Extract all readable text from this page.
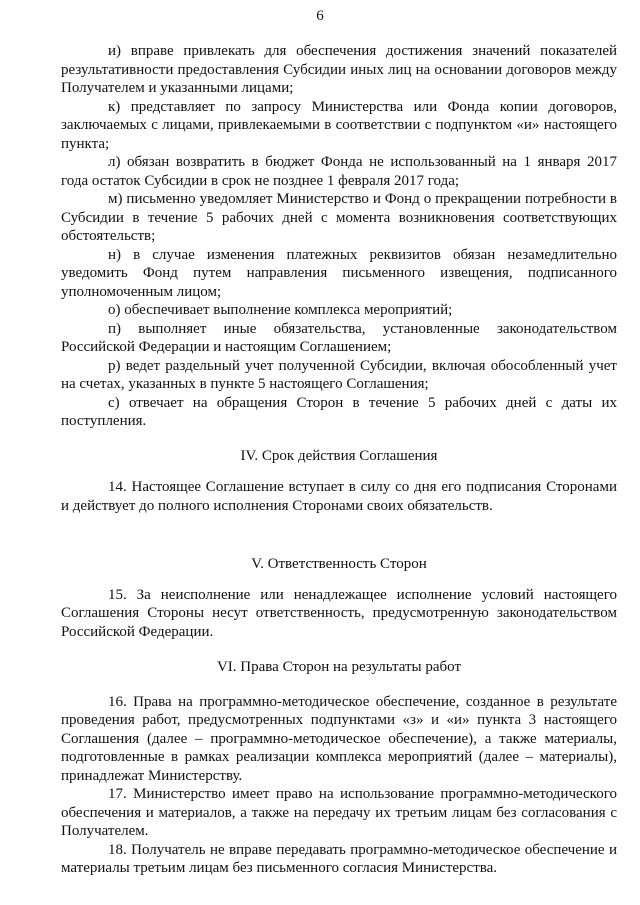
6

и) вправе привлекать для обеспечения достижения значений показателей результативности предоставления Субсидии иных лиц на основании договоров между Получателем и указанными лицами;

к) представляет по запросу Министерства или Фонда копии договоров, заключаемых с лицами, привлекаемыми в соответствии с подпунктом «и» настоящего пункта;

л) обязан возвратить в бюджет Фонда не использованный на 1 января 2017 года остаток Субсидии в срок не позднее 1 февраля 2017 года;

м) письменно уведомляет Министерство и Фонд о прекращении потребности в Субсидии в течение 5 рабочих дней с момента возникновения соответствующих обстоятельств;

н) в случае изменения платежных реквизитов обязан незамедлительно уведомить Фонд путем направления письменного извещения, подписанного уполномоченным лицом;

о) обеспечивает выполнение комплекса мероприятий;

п) выполняет иные обязательства, установленные законодательством Российской Федерации и настоящим Соглашением;

р) ведет раздельный учет полученной Субсидии, включая обособленный учет на счетах, указанных в пункте 5 настоящего Соглашения;

с) отвечает на обращения Сторон в течение 5 рабочих дней с даты их поступления.

IV. Срок действия Соглашения

14. Настоящее Соглашение вступает в силу со дня его подписания Сторонами и действует до полного исполнения Сторонами своих обязательств.

V. Ответственность Сторон

15. За неисполнение или ненадлежащее исполнение условий настоящего Соглашения Стороны несут ответственность, предусмотренную законодательством Российской Федерации.

VI. Права Сторон на результаты работ

16. Права на программно-методическое обеспечение, созданное в результате проведения работ, предусмотренных подпунктами «з» и «и» пункта 3 настоящего Соглашения (далее – программно-методическое обеспечение), а также материалы, подготовленные в рамках реализации комплекса мероприятий (далее – материалы), принадлежат Министерству.

17. Министерство имеет право на использование программно-методического обеспечения и материалов, а также на передачу их третьим лицам без согласования с Получателем.

18. Получатель не вправе передавать программно-методическое обеспечение и материалы третьим лицам без письменного согласия Министерства.
